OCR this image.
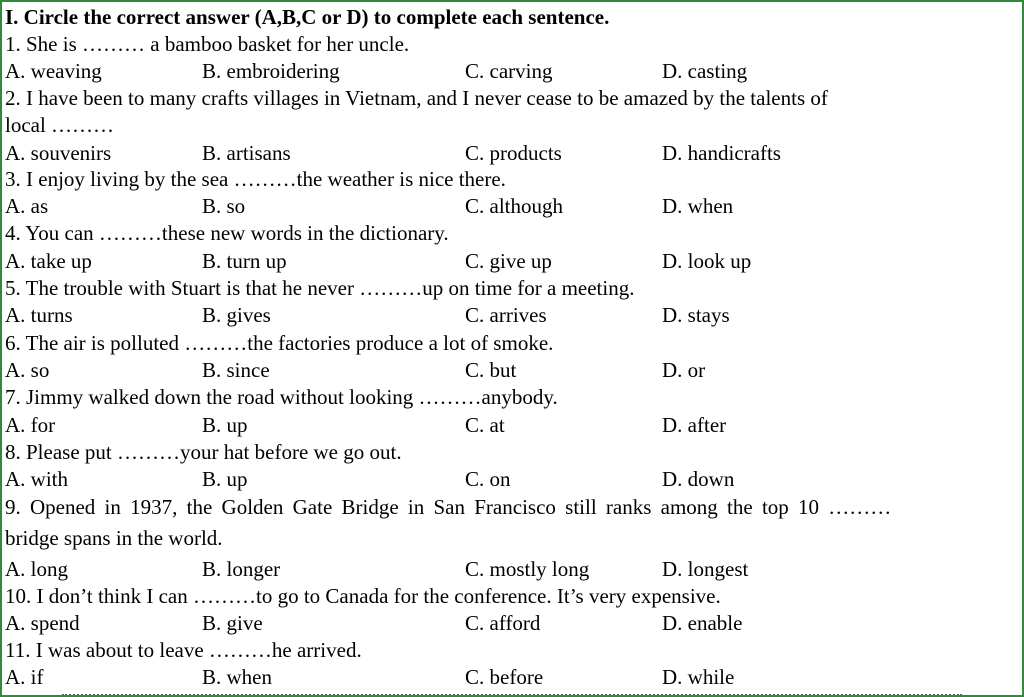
I. Circle the correct answer (A,B,C or D) to complete each sentence.
1. She is ……… a bamboo basket for her uncle.
A. weaving	B. embroidering	C. carving	D. casting
2. I have been to many crafts villages in Vietnam, and I never cease to be amazed by the talents of
local ………
A. souvenirs	B. artisans	C. products	D. handicrafts
3. I enjoy living by the sea ………the weather is nice there.
A. as	B. so	C. although	D. when
4. You can ………these new words in the dictionary.
A. take up	B. turn up	C. give up	D. look up
5. The trouble with Stuart is that he never ………up on time for a meeting.
A. turns	B. gives	C. arrives	D. stays
6. The air is polluted ………the factories produce a lot of smoke.
A. so	B. since	C. but	D. or
7. Jimmy walked down the road without looking ………anybody.
A. for	B. up	C. at	D. after
8. Please put ………your hat before we go out.
A. with	B. up	C. on	D. down
9. Opened in 1937, the Golden Gate Bridge in San Francisco still ranks among the top 10 ………
bridge spans in the world.
A. long	B. longer	C. mostly long	D. longest
10. I don’t think I can ………to go to Canada for the conference. It’s very expensive.
A. spend	B. give	C. afford	D. enable
11. I was about to leave ………he arrived.
A. if	B. when	C. before	D. while
